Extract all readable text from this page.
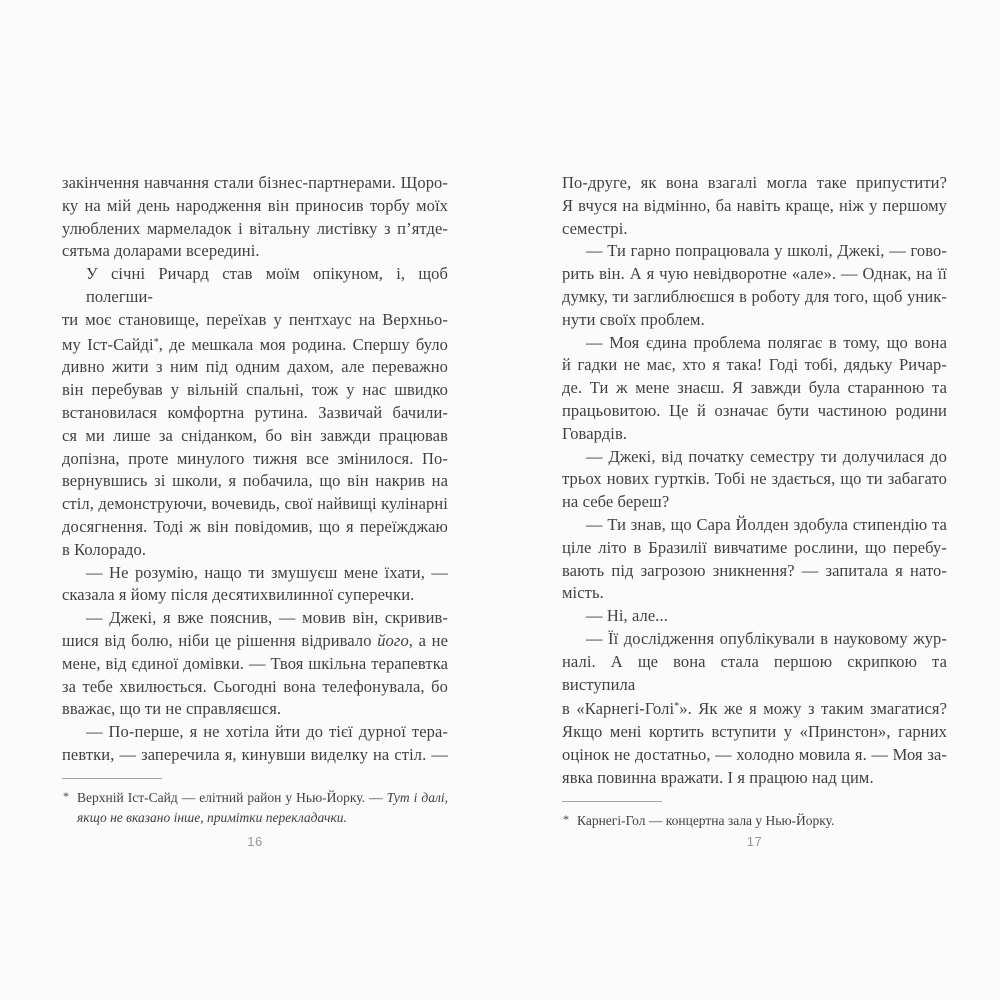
закінчення навчання стали бізнес-партнерами. Щоро-
ку на мій день народження він приносив торбу моїх
улюблених мармеладок і вітальну листівку з п’ятде-
сятьма доларами всередині.
У січні Ричард став моїм опікуном, і, щоб полегши-
ти моє становище, переїхав у пентхаус на Верхньо-
му Іст-Сайді*, де мешкала моя родина. Спершу було
дивно жити з ним під одним дахом, але переважно
він перебував у вільній спальні, тож у нас швидко
встановилася комфортна рутина. Зазвичай бачили-
ся ми лише за сніданком, бо він завжди працював
допізна, проте минулого тижня все змінилося. По-
вернувшись зі школи, я побачила, що він накрив на
стіл, демонструючи, вочевидь, свої найвищі кулінарні
досягнення. Тоді ж він повідомив, що я переїжджаю
в Колорадо.
— Не розумію, нащо ти змушуєш мене їхати, —
сказала я йому після десятихвилинної суперечки.
— Джекі, я вже пояснив, — мовив він, скривив-
шися від болю, ніби це рішення відривало його, а не
мене, від єдиної домівки. — Твоя шкільна терапевтка
за тебе хвилюється. Сьогодні вона телефонувала, бо
вважає, що ти не справляєшся.
— По-перше, я не хотіла йти до тієї дурної тера-
певтки, — заперечила я, кинувши виделку на стіл. —
* Верхній Іст-Сайд — елітний район у Нью-Йорку. — Тут і далі,
якщо не вказано інше, примітки перекладачки.
По-друге, як вона взагалі могла таке припустити?
Я вчуся на відмінно, ба навіть краще, ніж у першому
семестрі.
— Ти гарно попрацювала у школі, Джекі, — гово-
рить він. А я чую невідворотне «але». — Однак, на її
думку, ти заглиблюєшся в роботу для того, щоб уник-
нути своїх проблем.
— Моя єдина проблема полягає в тому, що вона
й гадки не має, хто я така! Годі тобі, дядьку Ричар-
де. Ти ж мене знаєш. Я завжди була старанною та
працьовитою. Це й означає бути частиною родини
Говардів.
— Джекі, від початку семестру ти долучилася до
трьох нових гуртків. Тобі не здається, що ти забагато
на себе береш?
— Ти знав, що Сара Йолден здобула стипендію та
ціле літо в Бразилії вивчатиме рослини, що перебу-
вають під загрозою зникнення? — запитала я нато-
мість.
— Ні, але...
— Її дослідження опублікували в науковому жур-
налі. А ще вона стала першою скрипкою та виступила
в «Карнегі-Голі*». Як же я можу з таким змагатися?
Якщо мені кортить вступити у «Принстон», гарних
оцінок не достатньо, — холодно мовила я. — Моя за-
явка повинна вражати. І я працюю над цим.
* Карнегі-Гол — концертна зала у Нью-Йорку.
16	17
